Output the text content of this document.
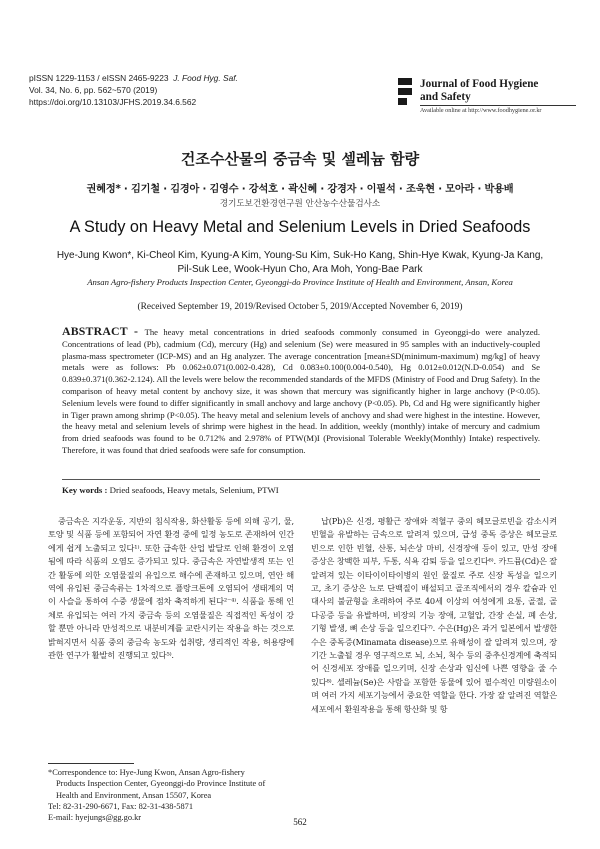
pISSN 1229-1153 / eISSN 2465-9223 J. Food Hyg. Saf.
Vol. 34, No. 6, pp. 562~570 (2019)
https://doi.org/10.13103/JFHS.2019.34.6.562
Journal of Food Hygiene
and Safety
Available online at http://www.foodhygiene.or.kr
건조수산물의 중금속 및 셀레늄 함량
권혜정* · 김기철 · 김경아 · 김영수 · 강석호 · 곽신혜 · 강경자 · 이필석 · 조욱현 · 모아라 · 박용배
경기도보건환경연구원 안산농수산물검사소
A Study on Heavy Metal and Selenium Levels in Dried Seafoods
Hye-Jung Kwon*, Ki-Cheol Kim, Kyung-A Kim, Young-Su Kim, Suk-Ho Kang, Shin-Hye Kwak, Kyung-Ja Kang,
Pil-Suk Lee, Wook-Hyun Cho, Ara Moh, Yong-Bae Park
Ansan Agro-fishery Products Inspection Center, Gyeonggi-do Province Institute of Health and Environment, Ansan, Korea
(Received September 19, 2019/Revised October 5, 2019/Accepted November 6, 2019)
ABSTRACT - The heavy metal concentrations in dried seafoods commonly consumed in Gyeonggi-do were analyzed. Concentrations of lead (Pb), cadmium (Cd), mercury (Hg) and selenium (Se) were measured in 95 samples with an inductively-coupled plasma-mass spectrometer (ICP-MS) and an Hg analyzer. The average concentration [mean±SD(minimum-maximum) mg/kg] of heavy metals were as follows: Pb 0.062±0.071(0.002-0.428), Cd 0.083±0.100(0.004-0.540), Hg 0.012±0.012(N.D-0.054) and Se 0.839±0.371(0.362-2.124). All the levels were below the recommended standards of the MFDS (Ministry of Food and Drug Safety). In the comparison of heavy metal content by anchovy size, it was shown that mercury was significantly higher in large anchovy (P<0.05). Selenium levels were found to differ significantly in small anchovy and large anchovy (P<0.05). Pb, Cd and Hg were significantly higher in Tiger prawn among shrimp (P<0.05). The heavy metal and selenium levels of anchovy and shad were highest in the intestine. However, the heavy metal and selenium levels of shrimp were highest in the head. In addition, weekly (monthly) intake of mercury and cadmium from dried seafoods was found to be 0.712% and 2.978% of PTW(M)I (Provisional Tolerable Weekly(Monthly) Intake) respectively. Therefore, it was found that dried seafoods were safe for consumption.
Key words : Dried seafoods, Heavy metals, Selenium, PTWI

중금속은 지각운동, 지반의 침식작용, 화산활동 등에 의해 공기, 물, 토양 및 식품 등에 포함되어 자연 환경 중에 일정 농도로 존재하여 인간에게 쉽게 노출되고 있다¹⁾. 또한 급속한 산업 발달로 인해 환경이 오염됨에 따라 식품의 오염도 증가되고 있다. 중금속은 자연발생적 또는 인간 활동에 의한 오염물질의 유입으로 해수에 존재하고 있으며, 연안 해역에 유입된 중금속류는 1차적으로 플랑크톤에 오염되어 생태계의 먹이 사슬을 통하여 수중 생물에 점차 축적하게 된다²⁻⁴⁾. 식품을 통해 인체로 유입되는 여러 가지 중금속 등의 오염물질은 직접적인 독성이 강할 뿐만 아니라 만성적으로 내분비계를 교란시키는 작용을 하는 것으로 밝혀지면서 식품 중의 중금속 농도와 섭취량, 생리적인 작용, 허용량에 관한 연구가 활발히 진행되고 있다⁵⁾.

납(Pb)은 신경, 평활근 장애와 적혈구 중의 헤모글로빈을 감소시켜 빈혈을 유발하는 금속으로 알려져 있으며, 급성 중독 증상은 헤모글로빈으로 인한 빈혈, 산통, 뇌손상 마비, 신경장애 등이 있고, 만성 장애 증상은 창백한 피부, 두통, 식욕 감퇴 등을 일으킨다⁶⁾. 카드뮴(Cd)은 잘 알려져 있는 이타이이타이병의 원인 물질로 주로 신장 독성을 일으키고, 초기 증상은 뇨로 단백질이 배설되고 골조직에서의 경우 칼슘과 인 대사의 불균형을 초래하여 주로 40세 이상의 여성에게 요통, 골절, 골다공증 등을 유발하며, 비장의 기능 장애, 고혈압, 간장 손실, 폐 손상, 기형 발생, 뼈 손상 등을 일으킨다⁷⁾. 수은(Hg)은 과거 일본에서 발생한 수은 중독증(Minamata disease)으로 유해성이 잘 알려져 있으며, 장기간 노출될 경우 영구적으로 뇌, 소뇌, 척수 등의 중추신경계에 축적되어 신경세포 장애를 일으키며, 신장 손상과 임신에 나쁜 영향을 줄 수 있다⁸⁾. 셀레늄(Se)은 사람을 포함한 동물에 있어 필수적인 미량원소이며 여러 가지 세포기능에서 중요한 역할을 한다. 가장 잘 알려진 역할은 세포에서 환원작용을 통해 항산화 및 항

*Correspondence to: Hye-Jung Kwon, Ansan Agro-fishery
Products Inspection Center, Gyeonggi-do Province Institute of
Health and Environment, Ansan 15507, Korea
Tel: 82-31-290-6671, Fax: 82-31-438-5871
E-mail: hyejungs@gg.go.kr	562
